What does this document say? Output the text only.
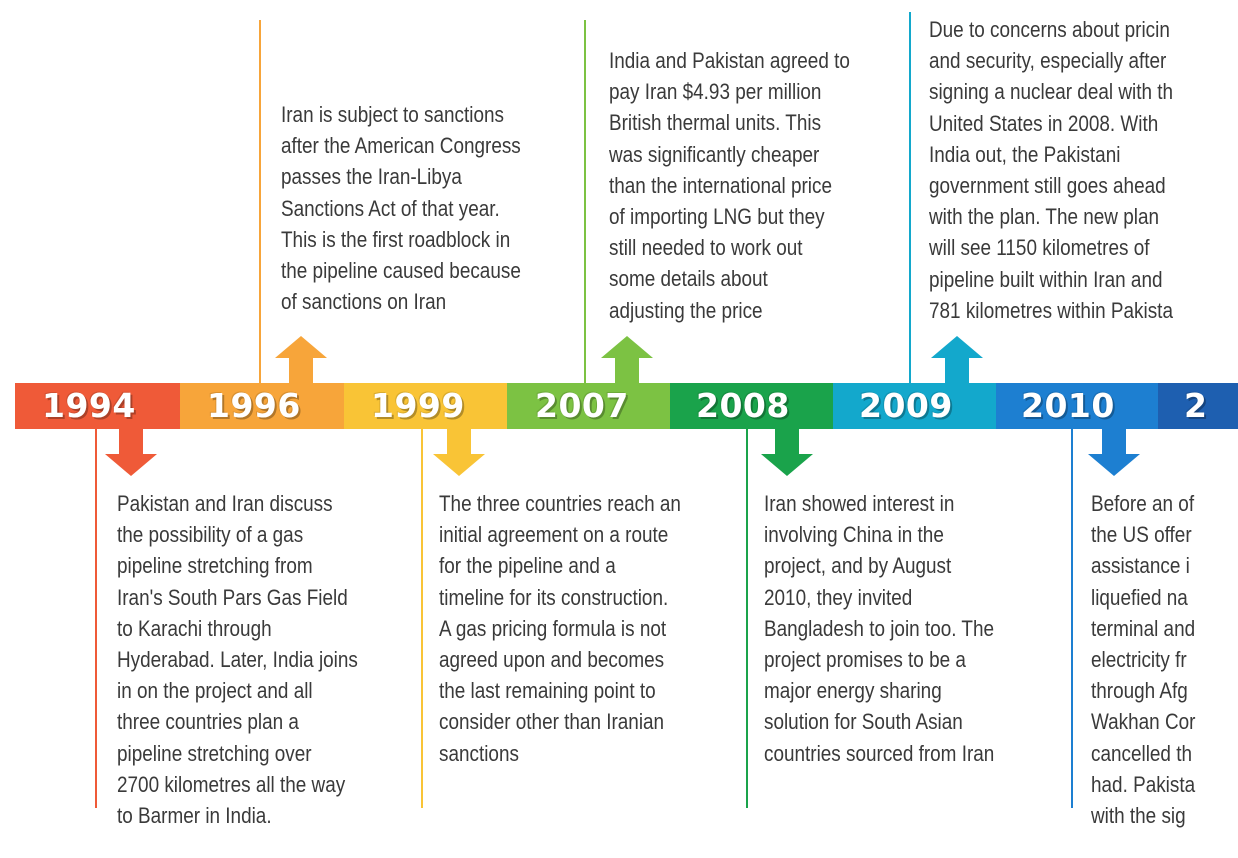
1994 1996 1999 2007 2008 2009 2010 2
Pakistan and Iran discuss
the possibility of a gas
pipeline stretching from
Iran's South Pars Gas Field
to Karachi through
Hyderabad. Later, India joins
in on the project and all
three countries plan a
pipeline stretching over
2700 kilometres all the way
to Barmer in India.
Iran is subject to sanctions
after the American Congress
passes the Iran-Libya
Sanctions Act of that year.
This is the first roadblock in
the pipeline caused because
of sanctions on Iran
The three countries reach an
initial agreement on a route
for the pipeline and a
timeline for its construction.
A gas pricing formula is not
agreed upon and becomes
the last remaining point to
consider other than Iranian
sanctions
India and Pakistan agreed to
pay Iran $4.93 per million
British thermal units. This
was significantly cheaper
than the international price
of importing LNG but they
still needed to work out
some details about
adjusting the price
Iran showed interest in
involving China in the
project, and by August
2010, they invited
Bangladesh to join too. The
project promises to be a
major energy sharing
solution for South Asian
countries sourced from Iran
Due to concerns about pricin
and security, especially after
signing a nuclear deal with th
United States in 2008. With
India out, the Pakistani
government still goes ahead
with the plan. The new plan
will see 1150 kilometres of
pipeline built within Iran and
781 kilometres within Pakista
Before an of
the US offer
assistance i
liquefied na
terminal and
electricity fr
through Afg
Wakhan Cor
cancelled th
had. Pakista
with the sig
